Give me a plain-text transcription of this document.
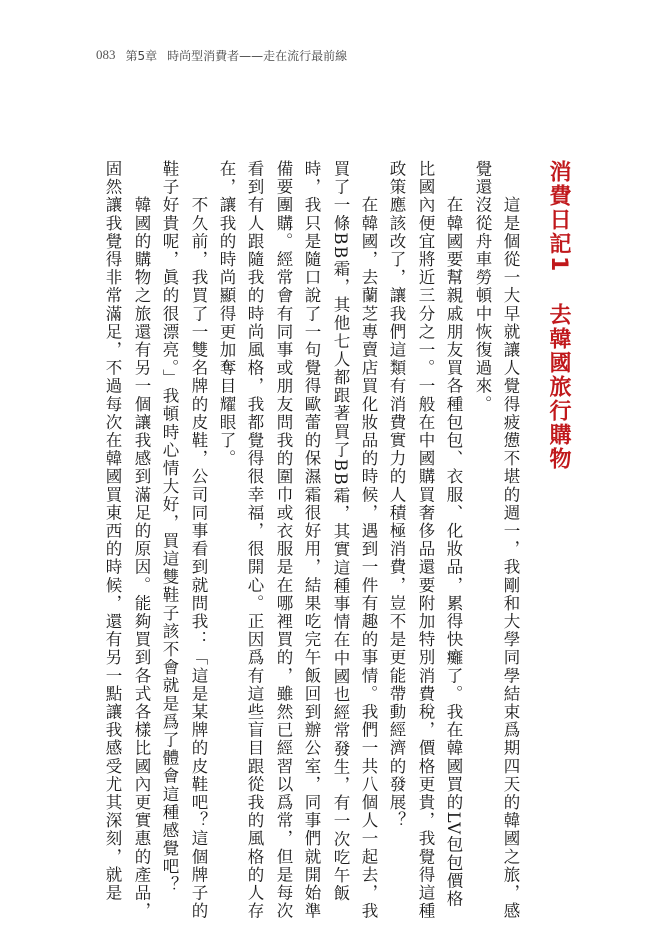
083 第5章 時尚型消費者——走在流行最前線
消費日記1去韓國旅行購物
　　這是個從一大早就讓人覺得疲憊不堪的週一，我剛和大學同學結束爲期四天的韓國之旅，感
覺還沒從舟車勞頓中恢復過來。
　　在韓國要幫親戚朋友買各種包包、衣服、化妝品，累得快癱了。我在韓國買的LV包包價格
比國內便宜將近三分之一。一般在中國購買奢侈品還要附加特別消費稅，價格更貴，我覺得這種
政策應該改了，讓我們這類有消費實力的人積極消費，豈不是更能帶動經濟的發展？
　　在韓國，去蘭芝專賣店買化妝品的時候，遇到一件有趣的事情。我們一共八個人一起去，我
買了一條BB霜，其他七人都跟著買了BB霜，其實這種事情在中國也經常發生，有一次吃午飯
時，我只是隨口說了一句覺得歐蕾的保濕霜很好用，結果吃完午飯回到辦公室，同事們就開始準
備要團購。經常會有同事或朋友問我的圍巾或衣服是在哪裡買的，雖然已經習以爲常，但是每次
看到有人跟隨我的時尚風格，我都覺得很幸福，很開心。正因爲有這些盲目跟從我的風格的人存
在，讓我的時尚顯得更加奪目耀眼了。
　　不久前，我買了一雙名牌的皮鞋，公司同事看到就問我：「這是某牌的皮鞋吧？這個牌子的
鞋子好貴呢，眞的很漂亮。」我頓時心情大好，買這雙鞋子該不會就是爲了體會這種感覺吧？
　　韓國的購物之旅還有另一個讓我感到滿足的原因。能夠買到各式各樣比國內更實惠的產品，
固然讓我覺得非常滿足，不過每次在韓國買東西的時候，還有另一點讓我感受尤其深刻，就是
